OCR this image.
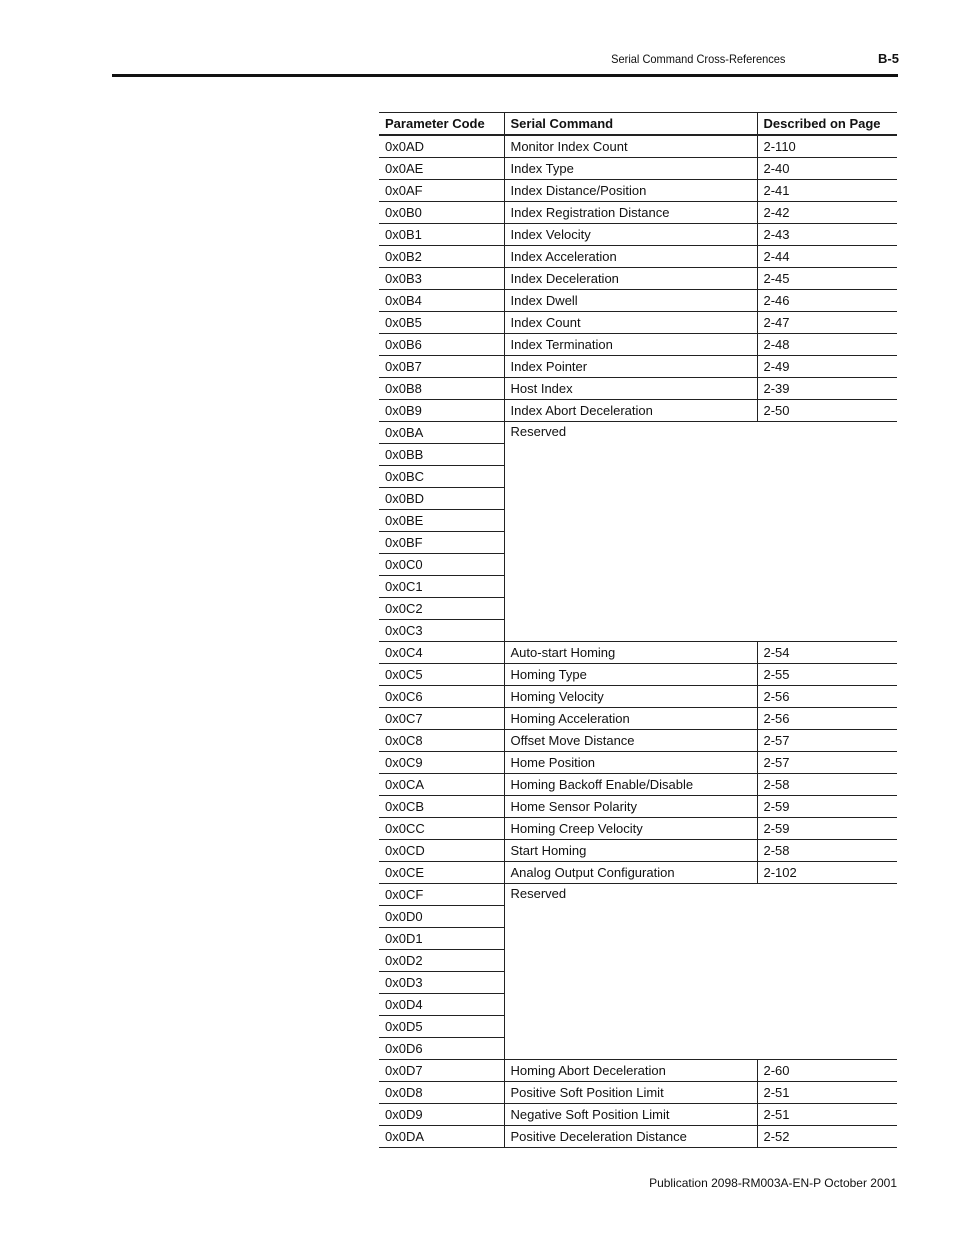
Serial Command Cross-References	B-5
Parameter Code	Serial Command	Described on Page
0x0AD	Monitor Index Count	2-110
0x0AE	Index Type	2-40
0x0AF	Index Distance/Position	2-41
0x0B0	Index Registration Distance	2-42
0x0B1	Index Velocity	2-43
0x0B2	Index Acceleration	2-44
0x0B3	Index Deceleration	2-45
0x0B4	Index Dwell	2-46
0x0B5	Index Count	2-47
0x0B6	Index Termination	2-48
0x0B7	Index Pointer	2-49
0x0B8	Host Index	2-39
0x0B9	Index Abort Deceleration	2-50
0x0BA	Reserved	
0x0BB		
0x0BC		
0x0BD		
0x0BE		
0x0BF		
0x0C0		
0x0C1		
0x0C2		
0x0C3		
0x0C4	Auto-start Homing	2-54
0x0C5	Homing Type	2-55
0x0C6	Homing Velocity	2-56
0x0C7	Homing Acceleration	2-56
0x0C8	Offset Move Distance	2-57
0x0C9	Home Position	2-57
0x0CA	Homing Backoff Enable/Disable	2-58
0x0CB	Home Sensor Polarity	2-59
0x0CC	Homing Creep Velocity	2-59
0x0CD	Start Homing	2-58
0x0CE	Analog Output Configuration	2-102
0x0CF	Reserved	
0x0D0		
0x0D1		
0x0D2		
0x0D3		
0x0D4		
0x0D5		
0x0D6		
0x0D7	Homing Abort Deceleration	2-60
0x0D8	Positive Soft Position Limit	2-51
0x0D9	Negative Soft Position Limit	2-51
0x0DA	Positive Deceleration Distance	2-52
Publication 2098-RM003A-EN-P October 2001
